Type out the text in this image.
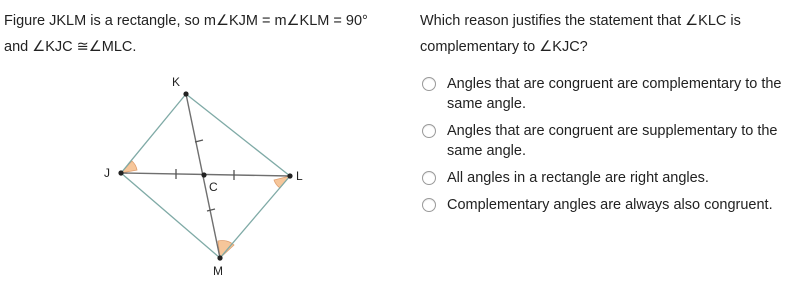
Figure JKLM is a rectangle, so m∠KJM = m∠KLM = 90° and ∠KJC ≅∠MLC.
Which reason justifies the statement that ∠KLC is complementary to ∠KJC?
K
J	L
M
C
Angles that are congruent are complementary to the same angle.
Angles that are congruent are supplementary to the same angle.
All angles in a rectangle are right angles.
Complementary angles are always also congruent.
